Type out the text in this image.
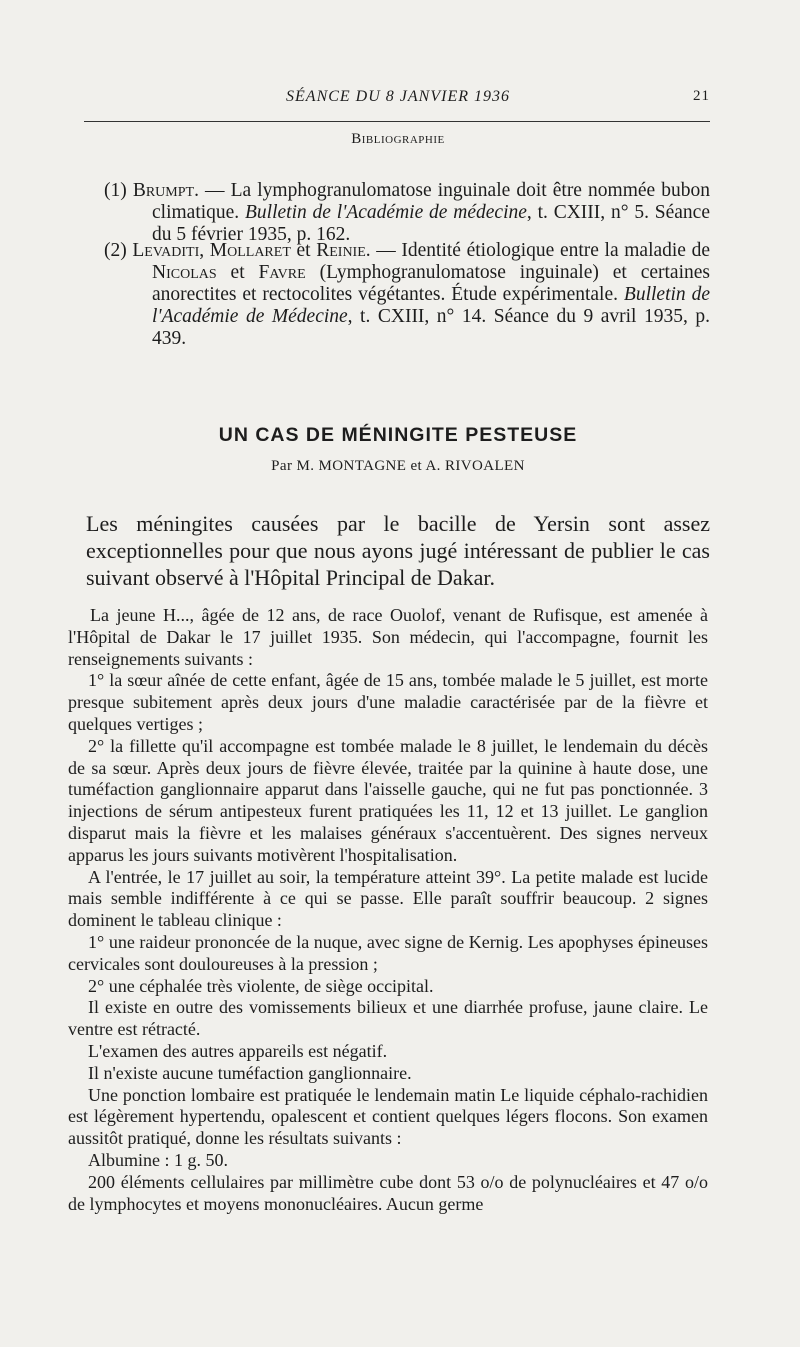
SÉANCE DU 8 JANVIER 1936	21
Bibliographie
(1) Brumpt. — La lymphogranulomatose inguinale doit être nommée bubon climatique. Bulletin de l'Académie de médecine, t. CXIII, n° 5. Séance du 5 février 1935, p. 162.
(2) Levaditi, Mollaret et Reinie. — Identité étiologique entre la maladie de Nicolas et Favre (Lymphogranulomatose inguinale) et certaines anorectites et rectocolites végétantes. Étude expérimentale. Bulletin de l'Académie de Médecine, t. CXIII, n° 14. Séance du 9 avril 1935, p. 439.
UN CAS DE MÉNINGITE PESTEUSE
Par M. MONTAGNE et A. RIVOALEN
Les méningites causées par le bacille de Yersin sont assez exceptionnelles pour que nous ayons jugé intéressant de publier le cas suivant observé à l'Hôpital Principal de Dakar.

La jeune H..., âgée de 12 ans, de race Ouolof, venant de Rufisque, est amenée à l'Hôpital de Dakar le 17 juillet 1935. Son médecin, qui l'accompagne, fournit les renseignements suivants :

1° la sœur aînée de cette enfant, âgée de 15 ans, tombée malade le 5 juillet, est morte presque subitement après deux jours d'une maladie caractérisée par de la fièvre et quelques vertiges ;

2° la fillette qu'il accompagne est tombée malade le 8 juillet, le lendemain du décès de sa sœur. Après deux jours de fièvre élevée, traitée par la quinine à haute dose, une tuméfaction ganglionnaire apparut dans l'aisselle gauche, qui ne fut pas ponctionnée. 3 injections de sérum antipesteux furent pratiquées les 11, 12 et 13 juillet. Le ganglion disparut mais la fièvre et les malaises généraux s'accentuèrent. Des signes nerveux apparus les jours suivants motivèrent l'hospitalisation.

A l'entrée, le 17 juillet au soir, la température atteint 39°. La petite malade est lucide mais semble indifférente à ce qui se passe. Elle paraît souffrir beaucoup. 2 signes dominent le tableau clinique :

1° une raideur prononcée de la nuque, avec signe de Kernig. Les apophyses épineuses cervicales sont douloureuses à la pression ;

2° une céphalée très violente, de siège occipital.

Il existe en outre des vomissements bilieux et une diarrhée profuse, jaune claire. Le ventre est rétracté.

L'examen des autres appareils est négatif.

Il n'existe aucune tuméfaction ganglionnaire.

Une ponction lombaire est pratiquée le lendemain matin Le liquide céphalo-rachidien est légèrement hypertendu, opalescent et contient quelques légers flocons. Son examen aussitôt pratiqué, donne les résultats suivants :

Albumine : 1 g. 50.

200 éléments cellulaires par millimètre cube dont 53 o/o de polynucléaires et 47 o/o de lymphocytes et moyens mononucléaires. Aucun germe
